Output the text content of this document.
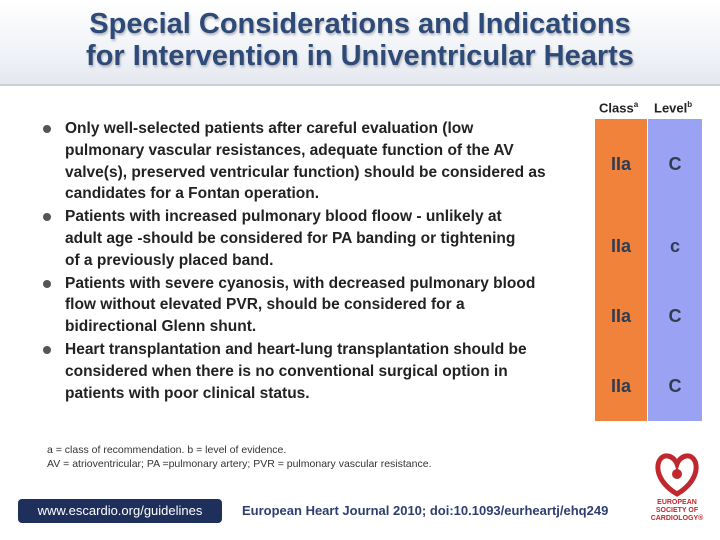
Special Considerations and Indications
for Intervention in Univentricular Hearts
Class$^a$ Level$^b$
IIa	C
IIa	c
IIa	C
IIa	C
Only well-selected patients after careful evaluation (low
pulmonary vascular resistances, adequate function of the AV
valve(s), preserved ventricular function) should be considered as
candidates for a Fontan operation.
Patients with increased pulmonary blood floow - unlikely at
adult age -should be considered for PA banding or tightening
of a previously placed band.
Patients with severe cyanosis, with decreased pulmonary blood
flow without elevated PVR, should be considered for a
bidirectional Glenn shunt.
Heart transplantation and heart-lung transplantation should be
considered when there is no conventional surgical option in
patients with poor clinical status.
a = class of recommendation. b = level of evidence.
AV = atrioventricular; PA =pulmonary artery; PVR = pulmonary vascular resistance.
www.escardio.org/guidelines	European Heart Journal 2010; doi:10.1093/eurheartj/ehq249
EUROPEAN
SOCIETY OF
CARDIOLOGY®
